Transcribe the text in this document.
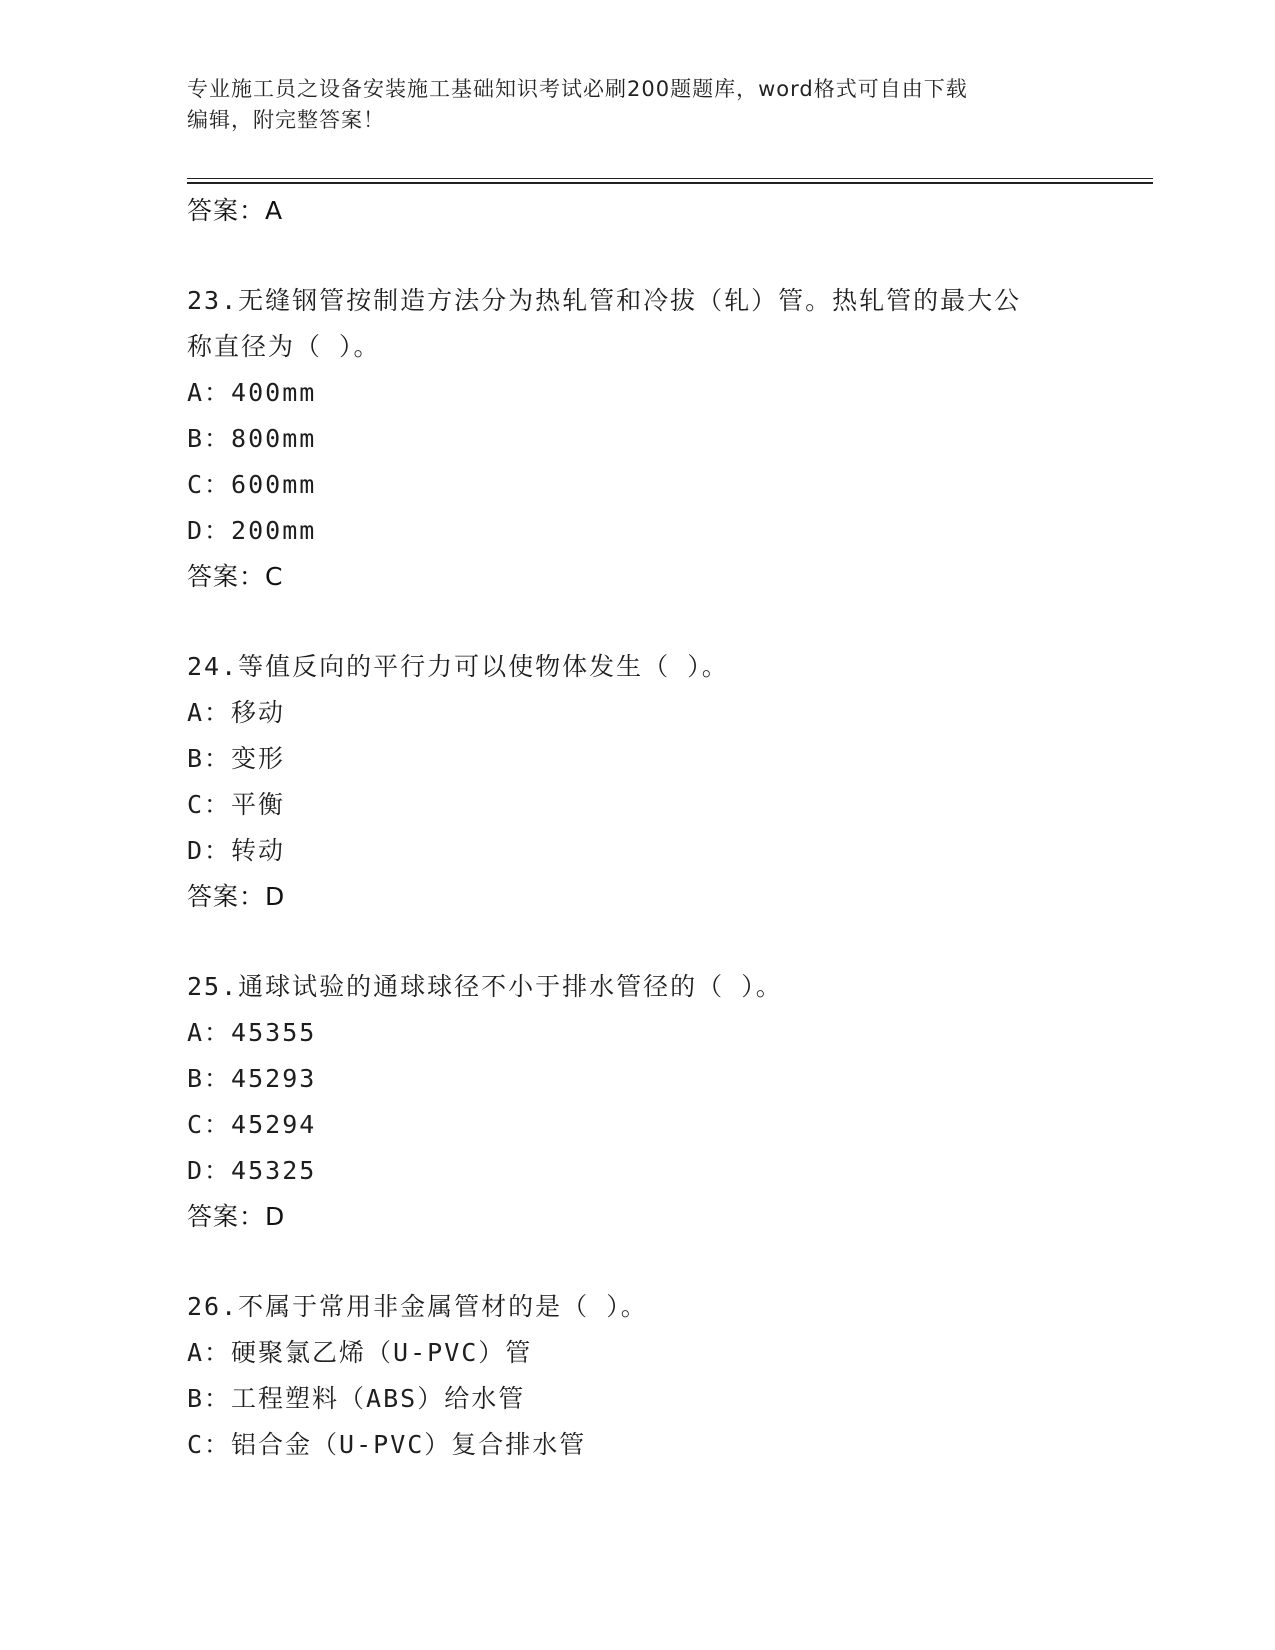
专业施工员之设备安装施工基础知识考试必刷200题题库，word格式可自由下载
编辑，附完整答案！
答案：A
23.无缝钢管按制造方法分为热轧管和冷拔（轧）管。热轧管的最大公
称直径为（ ）。
A：400mm
B：800mm
C：600mm
D：200mm
答案：C
24.等值反向的平行力可以使物体发生（ ）。
A：移动
B：变形
C：平衡
D：转动
答案：D
25.通球试验的通球球径不小于排水管径的（ ）。
A：45355
B：45293
C：45294
D：45325
答案：D
26.不属于常用非金属管材的是（ ）。
A：硬聚氯乙烯（U-PVC）管
B：工程塑料（ABS）给水管
C：铝合金（U-PVC）复合排水管
